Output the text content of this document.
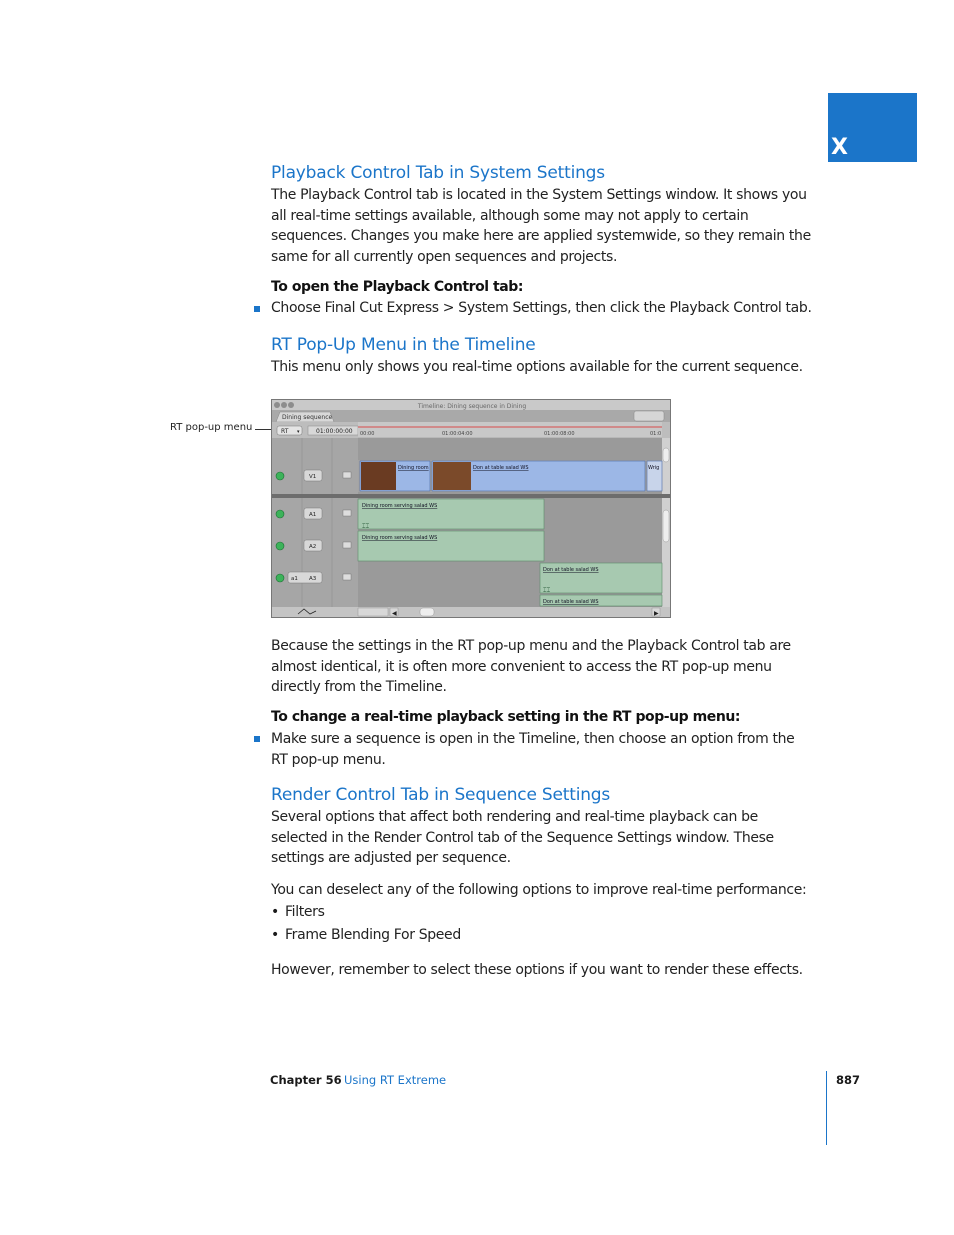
X
Playback Control Tab in System Settings

The Playback Control tab is located in the System Settings window. It shows you all real-time settings available, although some may not apply to certain sequences. Changes you make here are applied systemwide, so they remain the same for all currently open sequences and projects.

To open the Playback Control tab:

Choose Final Cut Express > System Settings, then click the Playback Control tab.

RT Pop-Up Menu in the Timeline

This menu only shows you real-time options available for the current sequence.

RT pop-up menu
Timeline: Dining sequence in Dining
Dining sequence
RT ▾	01:00:00:00 00:00	01:00:04:00	01:00:08:00	01:0
V1
Dining room	Don at table salad WS	Wrig
A1
Dining room serving salad WS
⌶⌶
A2
Dining room serving salad WS
a1 A3
Don at table salad WS
⌶⌶
Don at table salad WS
◀	▶

Because the settings in the RT pop-up menu and the Playback Control tab are almost identical, it is often more convenient to access the RT pop-up menu directly from the Timeline.

To change a real-time playback setting in the RT pop-up menu:

Make sure a sequence is open in the Timeline, then choose an option from the

RT pop-up menu.

Render Control Tab in Sequence Settings

Several options that affect both rendering and real-time playback can be selected in the Render Control tab of the Sequence Settings window. These settings are adjusted per sequence.

You can deselect any of the following options to improve real-time performance:

• Filters
• Frame Blending For Speed

However, remember to select these options if you want to render these effects.

Chapter 56 Using RT Extreme	887
